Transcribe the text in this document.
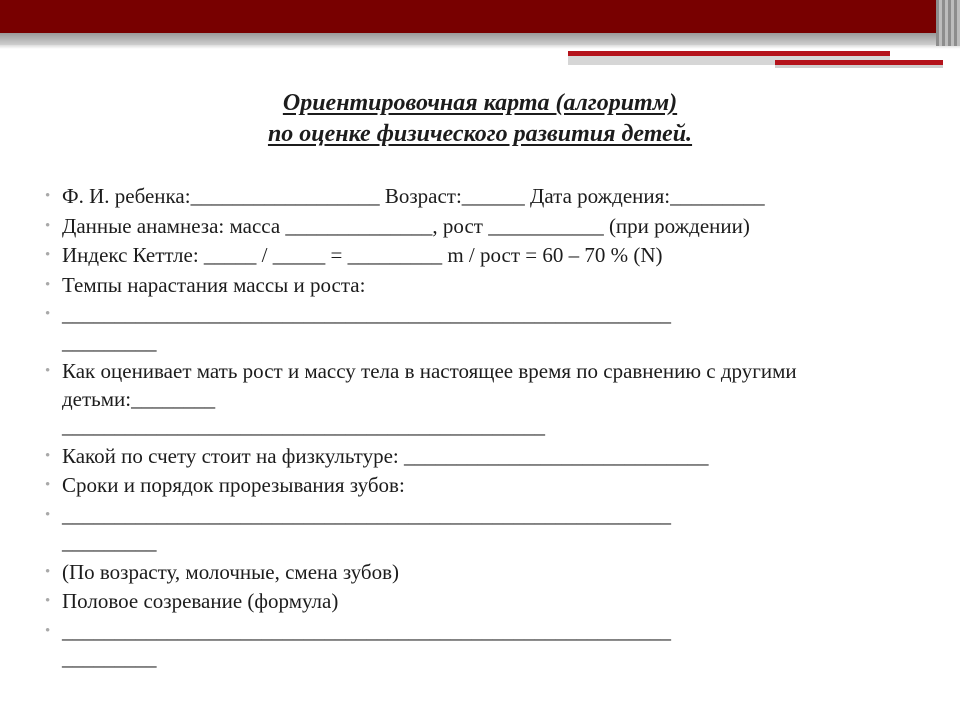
Ориентировочная карта (алгоритм)
по оценке физического развития детей.
• Ф. И. ребенка:__________________ Возраст:______ Дата рождения:_________
• Данные анамнеза: масса ______________, рост ___________ (при рождении)
• Индекс Кеттле: _____ / _____ = _________ m / рост = 60 – 70 % (N)
• Темпы нарастания массы и роста:
• __________________________________________________________
_________
• Как оценивает мать рост и массу тела в настоящее время по сравнению с другими детьми:________
______________________________________________
• Какой по счету стоит на физкультуре: _____________________________
• Сроки и порядок прорезывания зубов:
• __________________________________________________________
_________
• (По возрасту, молочные, смена зубов)
• Половое созревание (формула)
• __________________________________________________________
_________
